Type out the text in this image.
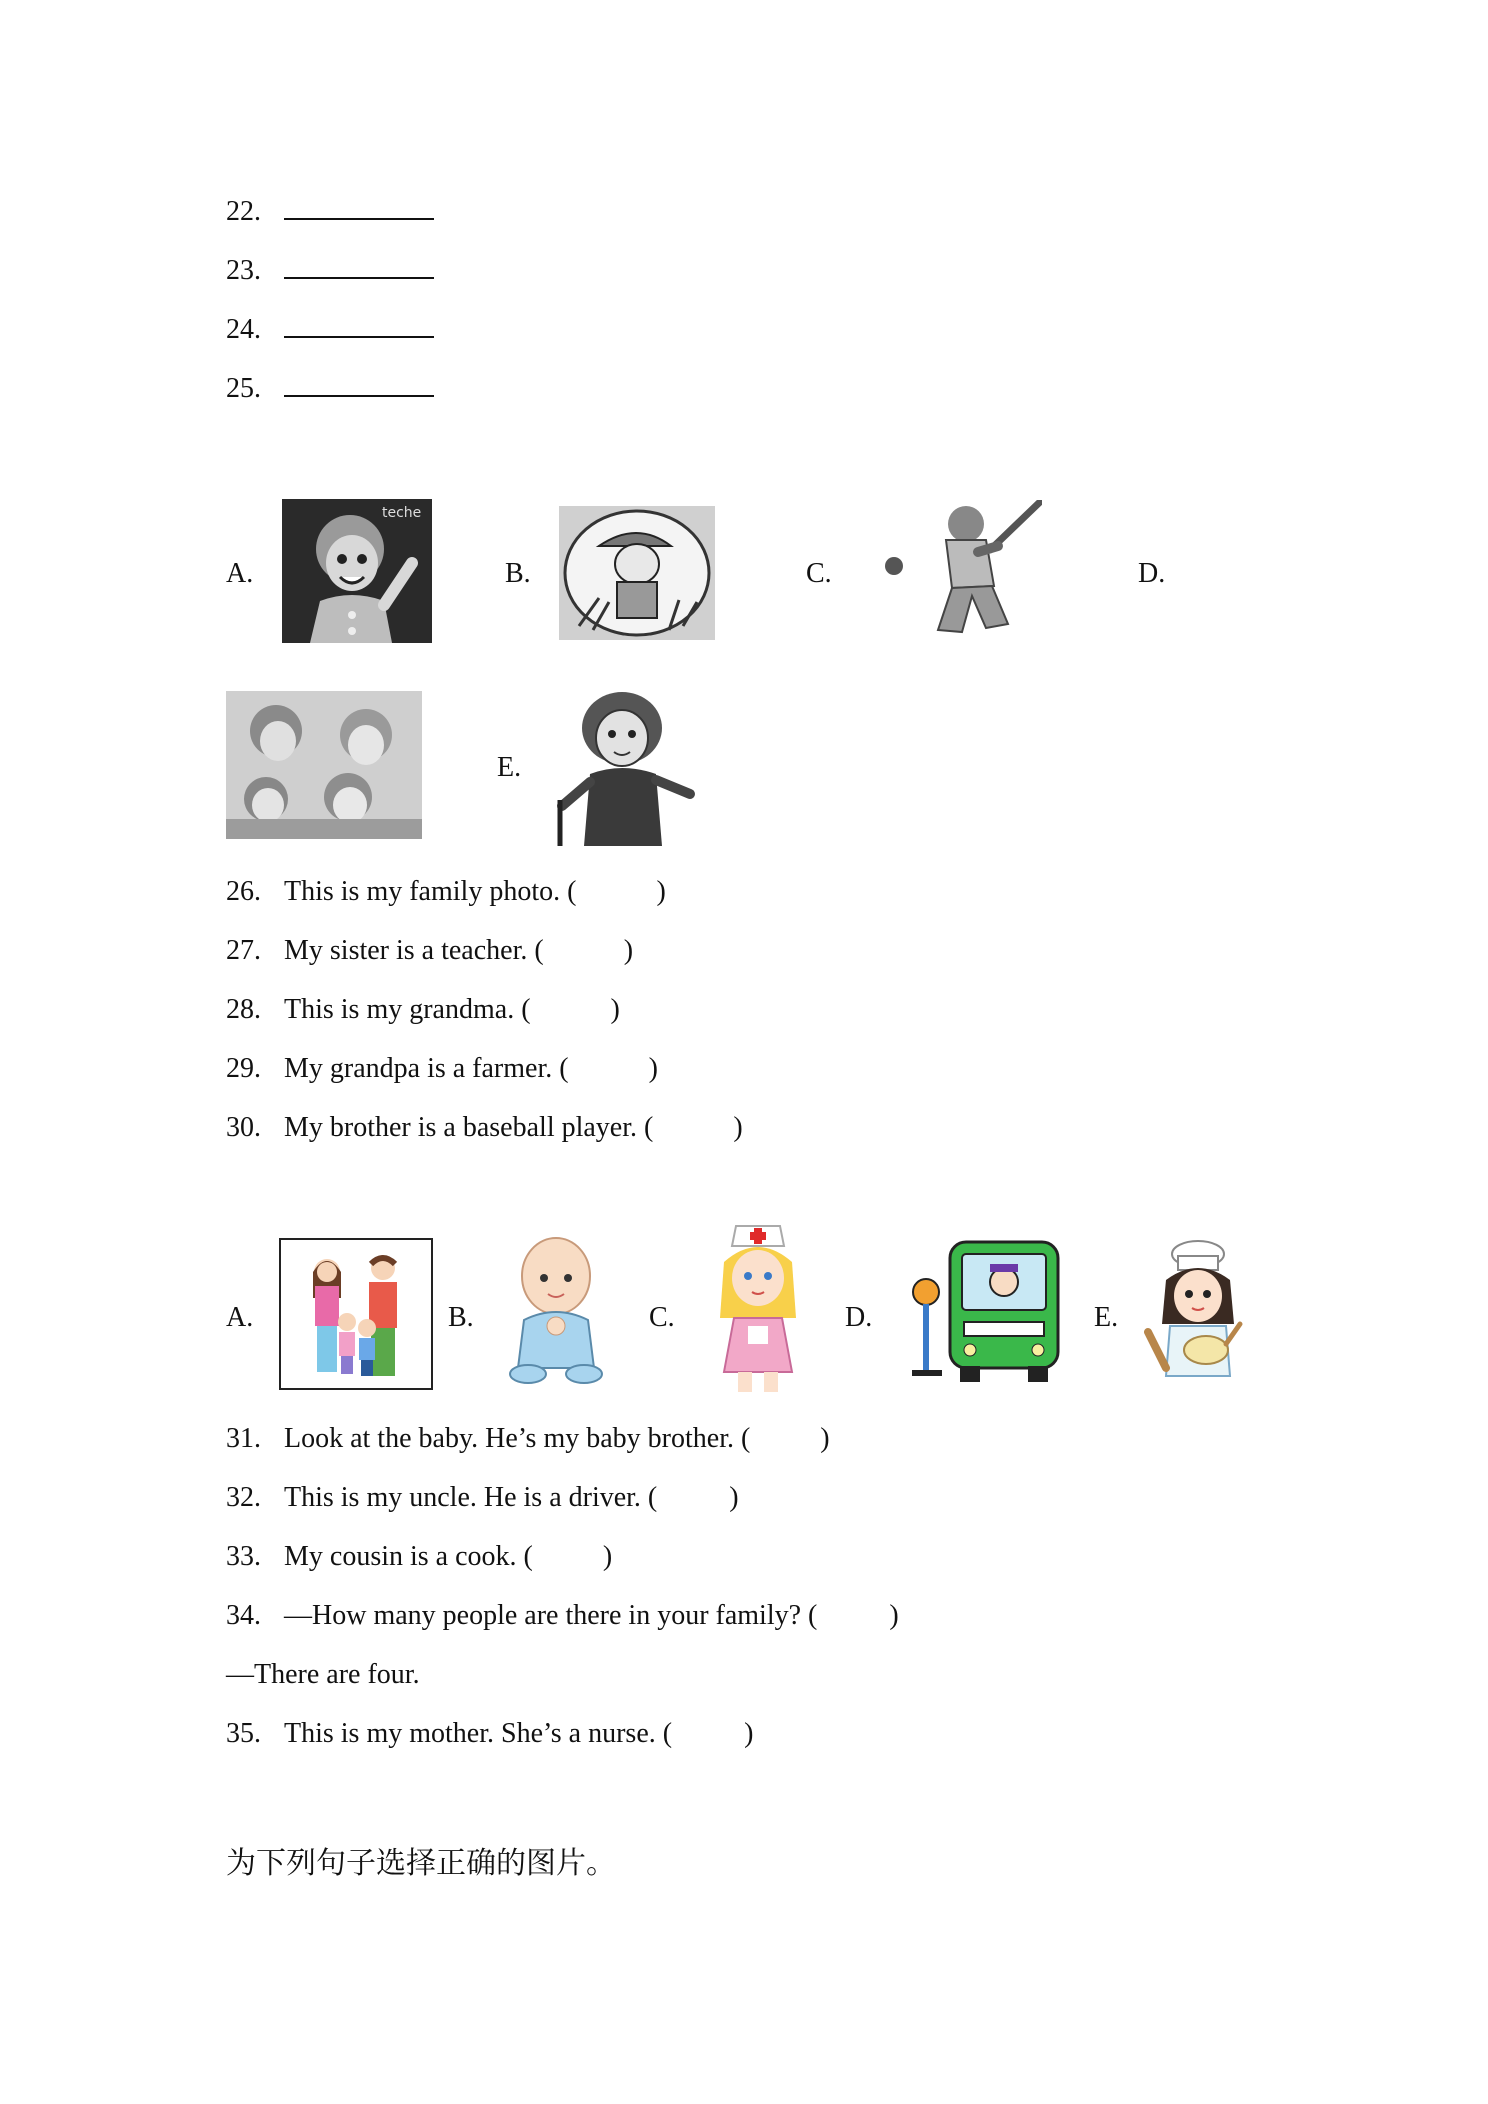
22.
23.
24.
25.
A.
teche
B.	C.	D.
E.
26. This is my family photo. (	)
27. My sister is a teacher. (	)
28. This is my grandma. (	)
29. My grandpa is a farmer. (	)
30. My brother is a baseball player. (	)
A.	B.	C.	D.	E.
31. Look at the baby. He’s my baby brother. (	)
32. This is my uncle. He is a driver. (	)
33. My cousin is a cook. (	)
34. —How many people are there in your family? (	)
—There are four.
35. This is my mother. She’s a nurse. (	)
为下列句子选择正确的图片。
